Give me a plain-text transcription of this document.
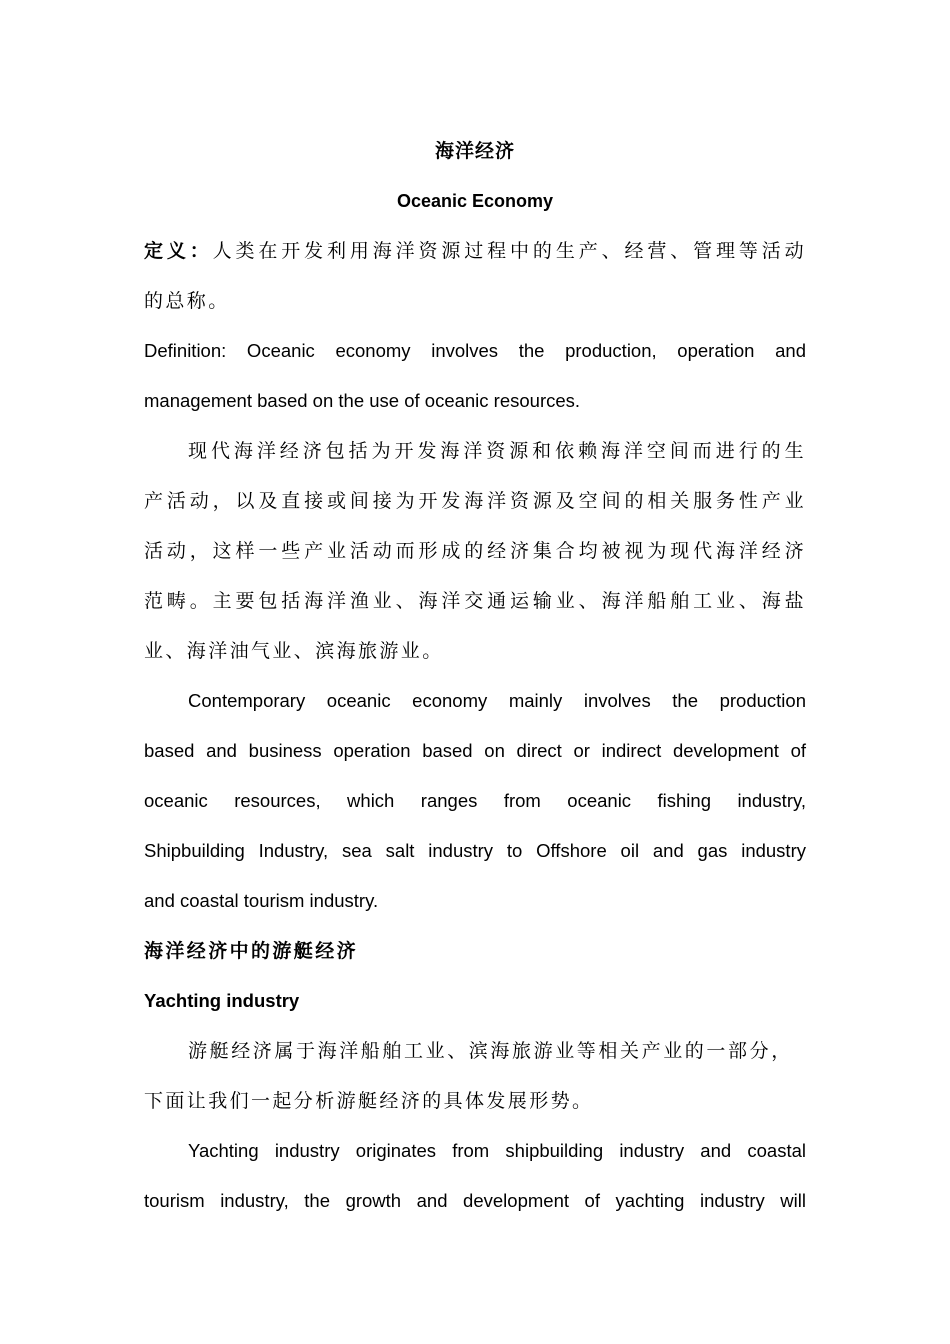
海洋经济
Oceanic Economy
定义：人类在开发利用海洋资源过程中的生产、经营、管理等活动
的总称。
Definition: Oceanic economy involves the production, operation and
management based on the use of oceanic resources.
现代海洋经济包括为开发海洋资源和依赖海洋空间而进行的生
产活动，以及直接或间接为开发海洋资源及空间的相关服务性产业
活动，这样一些产业活动而形成的经济集合均被视为现代海洋经济
范畴。主要包括海洋渔业、海洋交通运输业、海洋船舶工业、海盐
业、海洋油气业、滨海旅游业。
Contemporary oceanic economy mainly involves the production
based and business operation based on direct or indirect development of
oceanic resources, which ranges from oceanic fishing industry,
Shipbuilding Industry, sea salt industry to Offshore oil and gas industry
and coastal tourism industry.
海洋经济中的游艇经济
Yachting industry
游艇经济属于海洋船舶工业、滨海旅游业等相关产业的一部分，
下面让我们一起分析游艇经济的具体发展形势。
Yachting industry originates from shipbuilding industry and coastal
tourism industry, the growth and development of yachting industry will
